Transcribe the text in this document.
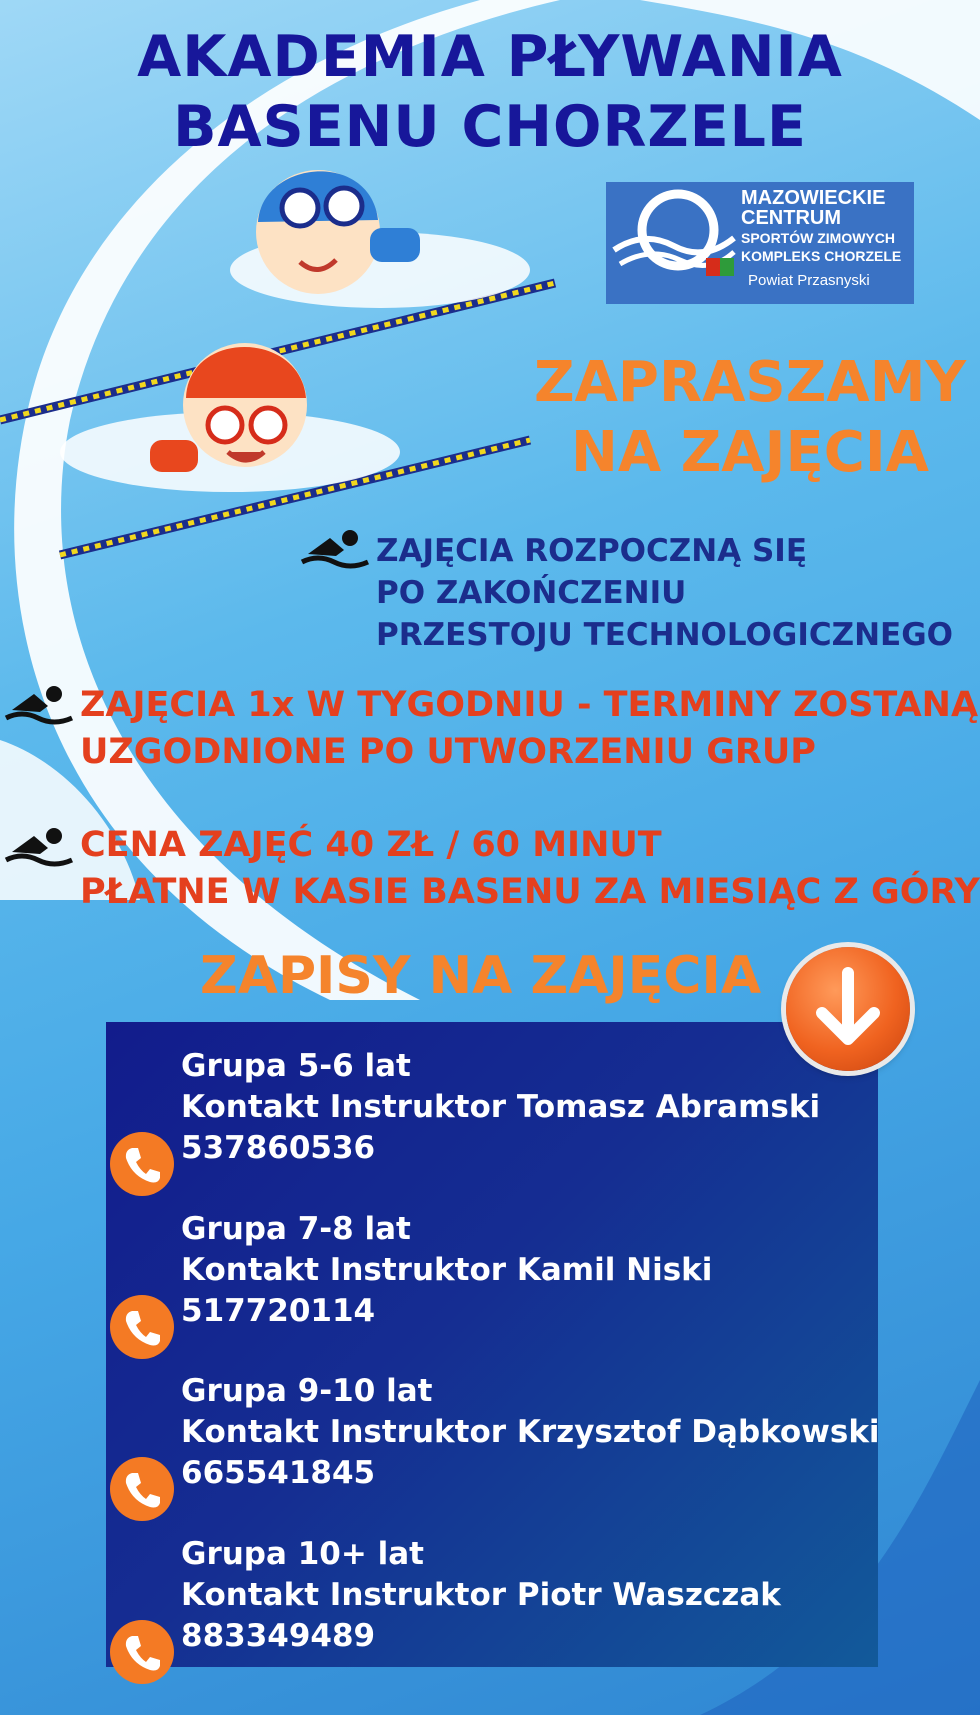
AKADEMIA PŁYWANIA
BASENU CHORZELE
MAZOWIECKIE
CENTRUM
SPORTÓW ZIMOWYCH
KOMPLEKS CHORZELE
Powiat Przasnyski
ZAPRASZAMY
NA ZAJĘCIA
ZAJĘCIA ROZPOCZNĄ SIĘ
PO ZAKOŃCZENIU
PRZESTOJU TECHNOLOGICZNEGO
ZAJĘCIA 1x W TYGODNIU - TERMINY ZOSTANĄ
UZGODNIONE PO UTWORZENIU GRUP
CENA ZAJĘĆ 40 ZŁ / 60 MINUT
PŁATNE W KASIE BASENU ZA MIESIĄC Z GÓRY
ZAPISY NA ZAJĘCIA
Grupa 5-6 lat
Kontakt Instruktor Tomasz Abramski
537860536
Grupa 7-8 lat
Kontakt Instruktor Kamil Niski
517720114
Grupa 9-10 lat
Kontakt Instruktor Krzysztof Dąbkowski
665541845
Grupa 10+ lat
Kontakt Instruktor Piotr Waszczak
883349489
